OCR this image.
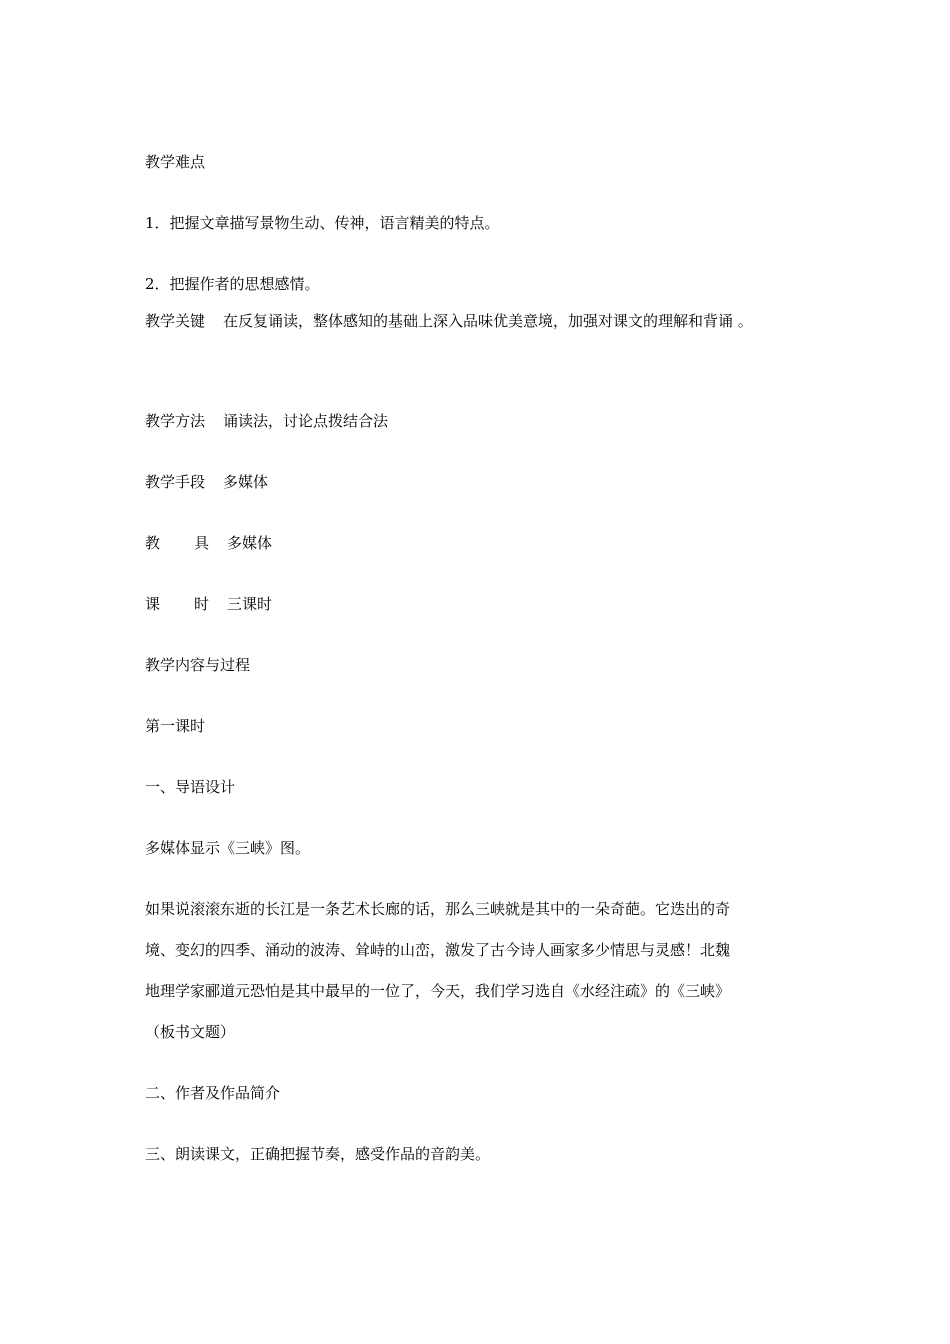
教学难点
1．把握文章描写景物生动、传神，语言精美的特点。
2．把握作者的思想感情。
教学关键 在反复诵读，整体感知的基础上深入品味优美意境，加强对课文的理解和背诵 。
教学方法 诵读法，讨论点拨结合法
教学手段 多媒体
教 具 多媒体
课 时 三课时
教学内容与过程
第一课时
一、导语设计
多媒体显示《三峡》图。
如果说滚滚东逝的长江是一条艺术长廊的话，那么三峡就是其中的一朵奇葩。它迭出的奇
境、变幻的四季、涌动的波涛、耸峙的山峦，激发了古今诗人画家多少情思与灵感！北魏
地理学家郦道元恐怕是其中最早的一位了，今天，我们学习选自《水经注疏》的《三峡》
（板书文题）
二、作者及作品简介
三、朗读课文，正确把握节奏，感受作品的音韵美。
